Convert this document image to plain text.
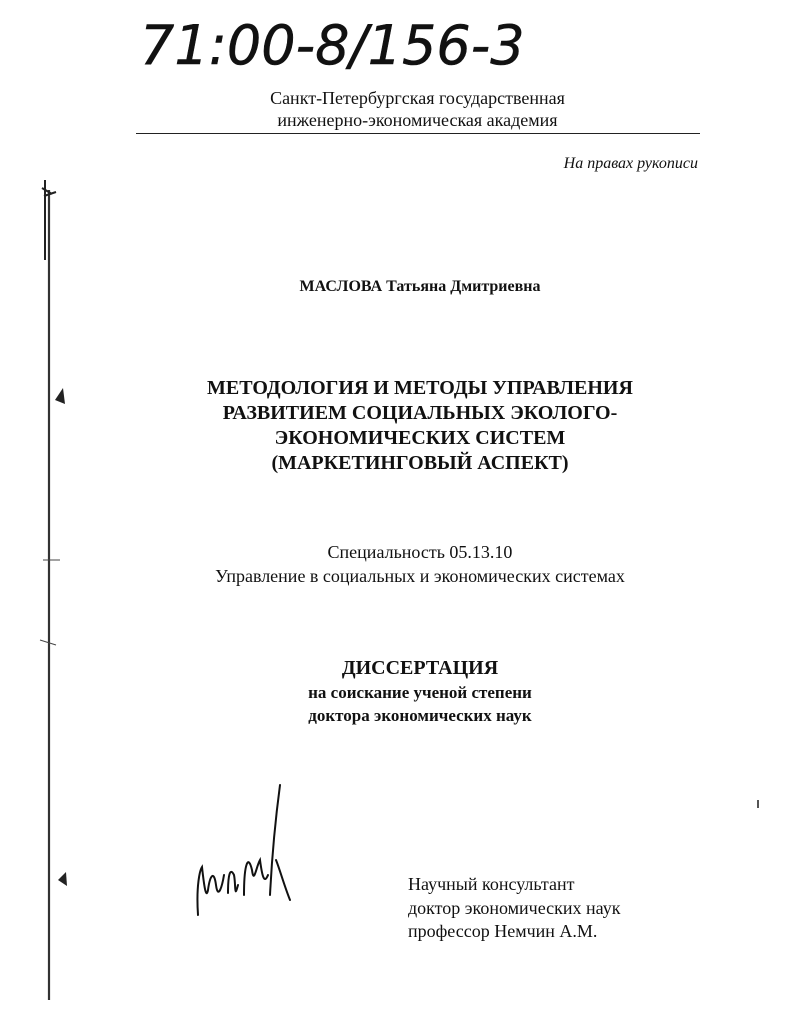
71:00-8/156-3
Санкт-Петербургская государственная
инженерно-экономическая академия
На правах рукописи
МАСЛОВА Татьяна Дмитриевна
МЕТОДОЛОГИЯ И МЕТОДЫ УПРАВЛЕНИЯ
РАЗВИТИЕМ СОЦИАЛЬНЫХ ЭКОЛОГО-
ЭКОНОМИЧЕСКИХ СИСТЕМ
(МАРКЕТИНГОВЫЙ АСПЕКТ)
Специальность 05.13.10
Управление в социальных и экономических системах
ДИССЕРТАЦИЯ
на соискание ученой степени
доктора экономических наук
Научный консультант
доктор экономических наук
профессор Немчин А.М.
